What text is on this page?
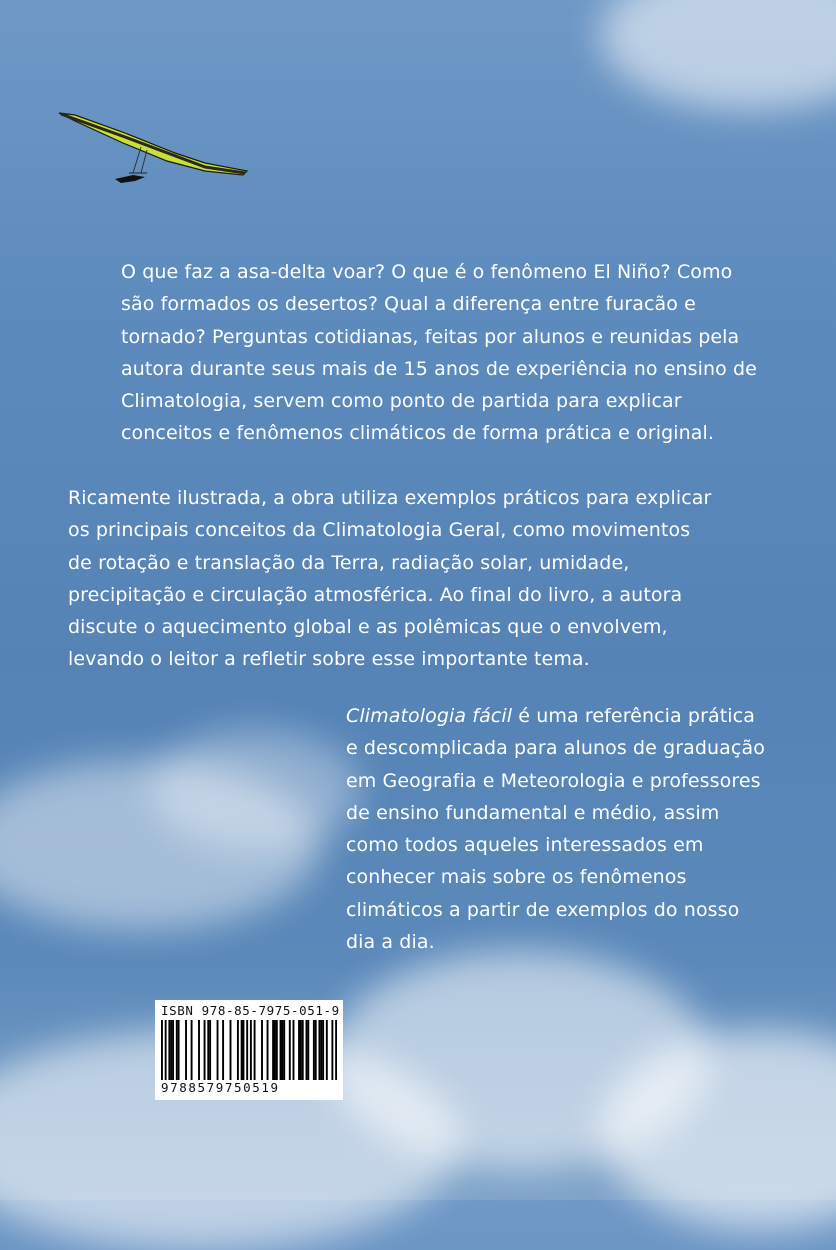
O que faz a asa-delta voar? O que é o fenômeno El Niño? Como são formados os desertos? Qual a diferença entre furacão e tornado? Perguntas cotidianas, feitas por alunos e reunidas pela autora durante seus mais de 15 anos de experiência no ensino de Climatologia, servem como ponto de partida para explicar conceitos e fenômenos climáticos de forma prática e original.

Ricamente ilustrada, a obra utiliza exemplos práticos para explicar os principais conceitos da Climatologia Geral, como movimentos de rotação e translação da Terra, radiação solar, umidade, precipitação e circulação atmosférica. Ao final do livro, a autora discute o aquecimento global e as polêmicas que o envolvem, levando o leitor a refletir sobre esse importante tema.

Climatologia fácil é uma referência prática e descomplicada para alunos de graduação em Geografia e Meteorologia e professores de ensino fundamental e médio, assim como todos aqueles interessados em conhecer mais sobre os fenômenos climáticos a partir de exemplos do nosso dia a dia.

ISBN 978-85-7975-051-9
9788579750519
